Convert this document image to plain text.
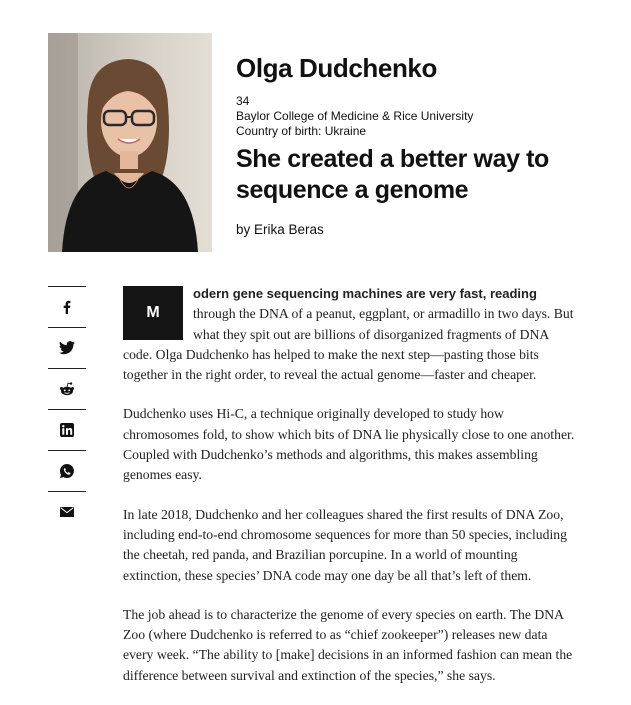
Olga Dudchenko
34
Baylor College of Medicine & Rice University
Country of birth: Ukraine
She created a better way to sequence a genome
by Erika Beras

M
odern gene sequencing machines are very fast, reading through the DNA of a peanut, eggplant, or armadillo in two days. But what they spit out are billions of disorganized fragments of DNA code. Olga Dudchenko has helped to make the next step—pasting those bits together in the right order, to reveal the actual genome—faster and cheaper.

Dudchenko uses Hi-C, a technique originally developed to study how chromosomes fold, to show which bits of DNA lie physically close to one another. Coupled with Dudchenko’s methods and algorithms, this makes assembling genomes easy.

In late 2018, Dudchenko and her colleagues shared the first results of DNA Zoo, including end-to-end chromosome sequences for more than 50 species, including the cheetah, red panda, and Brazilian porcupine. In a world of mounting extinction, these species’ DNA code may one day be all that’s left of them.

The job ahead is to characterize the genome of every species on earth. The DNA Zoo (where Dudchenko is referred to as “chief zookeeper”) releases new data every week. “The ability to [make] decisions in an informed fashion can mean the difference between survival and extinction of the species,” she says.
